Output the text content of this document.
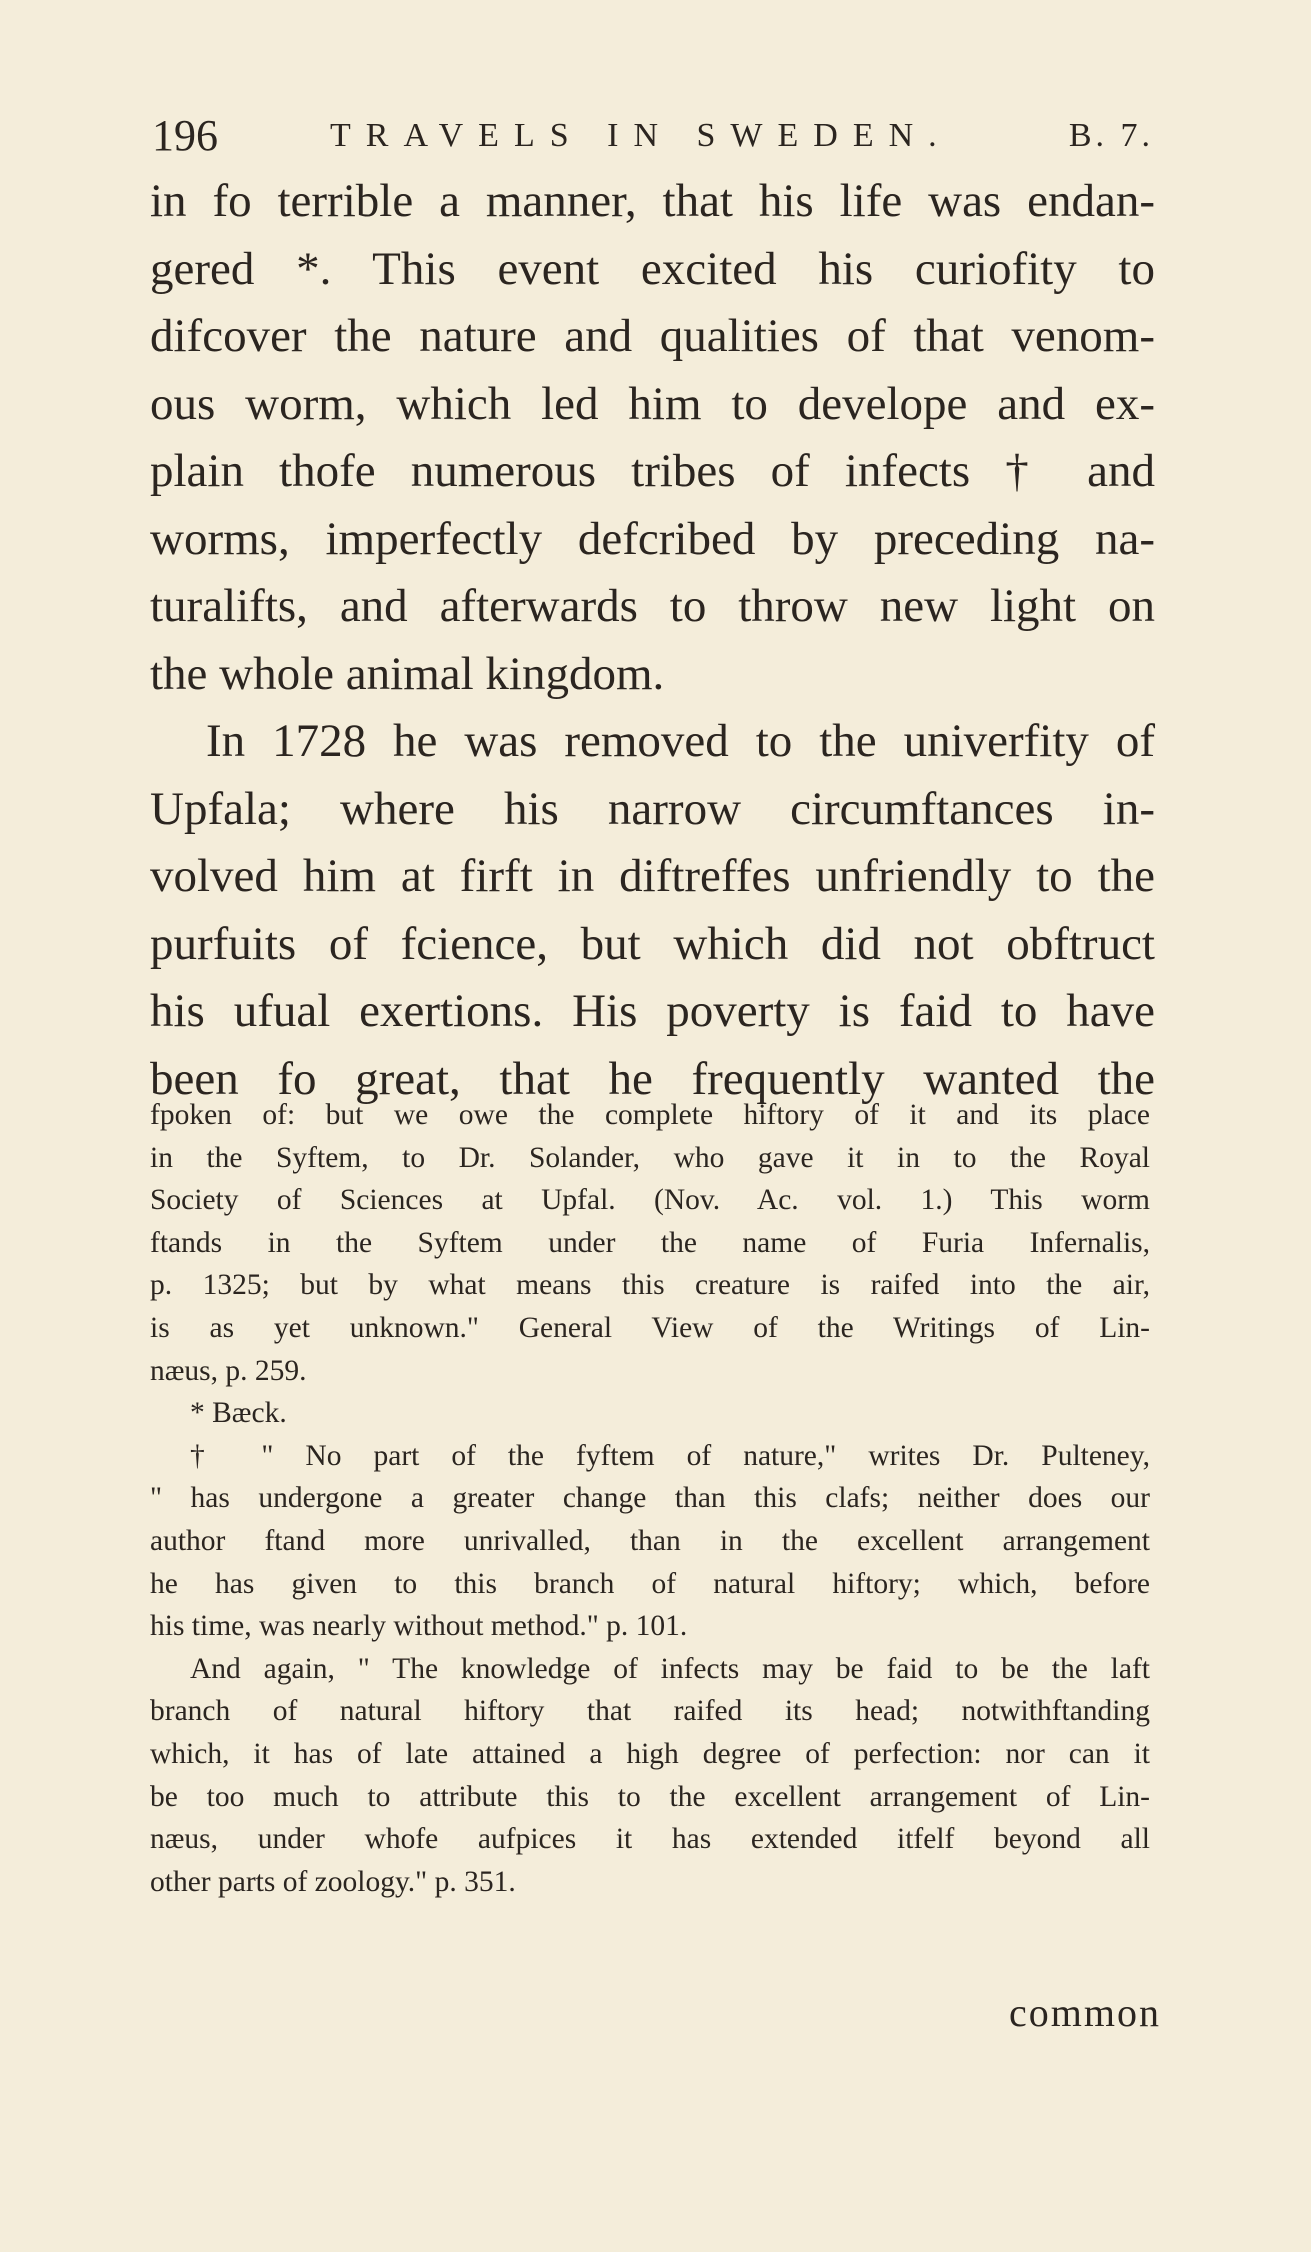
196	TRAVELS IN SWEDEN.	B. 7.
in fo terrible a manner, that his life was endan-
gered *. This event excited his curiofity to
difcover the nature and qualities of that venom-
ous worm, which led him to develope and ex-
plain thofe numerous tribes of infects † and
worms, imperfectly defcribed by preceding na-
turalifts, and afterwards to throw new light on
the whole animal kingdom.
In 1728 he was removed to the univerfity of
Upfala; where his narrow circumftances in-
volved him at firft in diftreffes unfriendly to the
purfuits of fcience, but which did not obftruct
his ufual exertions. His poverty is faid to have
been fo great, that he frequently wanted the
fpoken of: but we owe the complete hiftory of it and its place
in the Syftem, to Dr. Solander, who gave it in to the Royal
Society of Sciences at Upfal. (Nov. Ac. vol. 1.) This worm
ftands in the Syftem under the name of Furia Infernalis,
p. 1325; but by what means this creature is raifed into the air,
is as yet unknown." General View of the Writings of Lin-
næus, p. 259.
* Bæck.
† " No part of the fyftem of nature," writes Dr. Pulteney,
" has undergone a greater change than this clafs; neither does our
author ftand more unrivalled, than in the excellent arrangement
he has given to this branch of natural hiftory; which, before
his time, was nearly without method." p. 101.
And again, " The knowledge of infects may be faid to be the laft
branch of natural hiftory that raifed its head; notwithftanding
which, it has of late attained a high degree of perfection: nor can it
be too much to attribute this to the excellent arrangement of Lin-
næus, under whofe aufpices it has extended itfelf beyond all
other parts of zoology." p. 351.
common
